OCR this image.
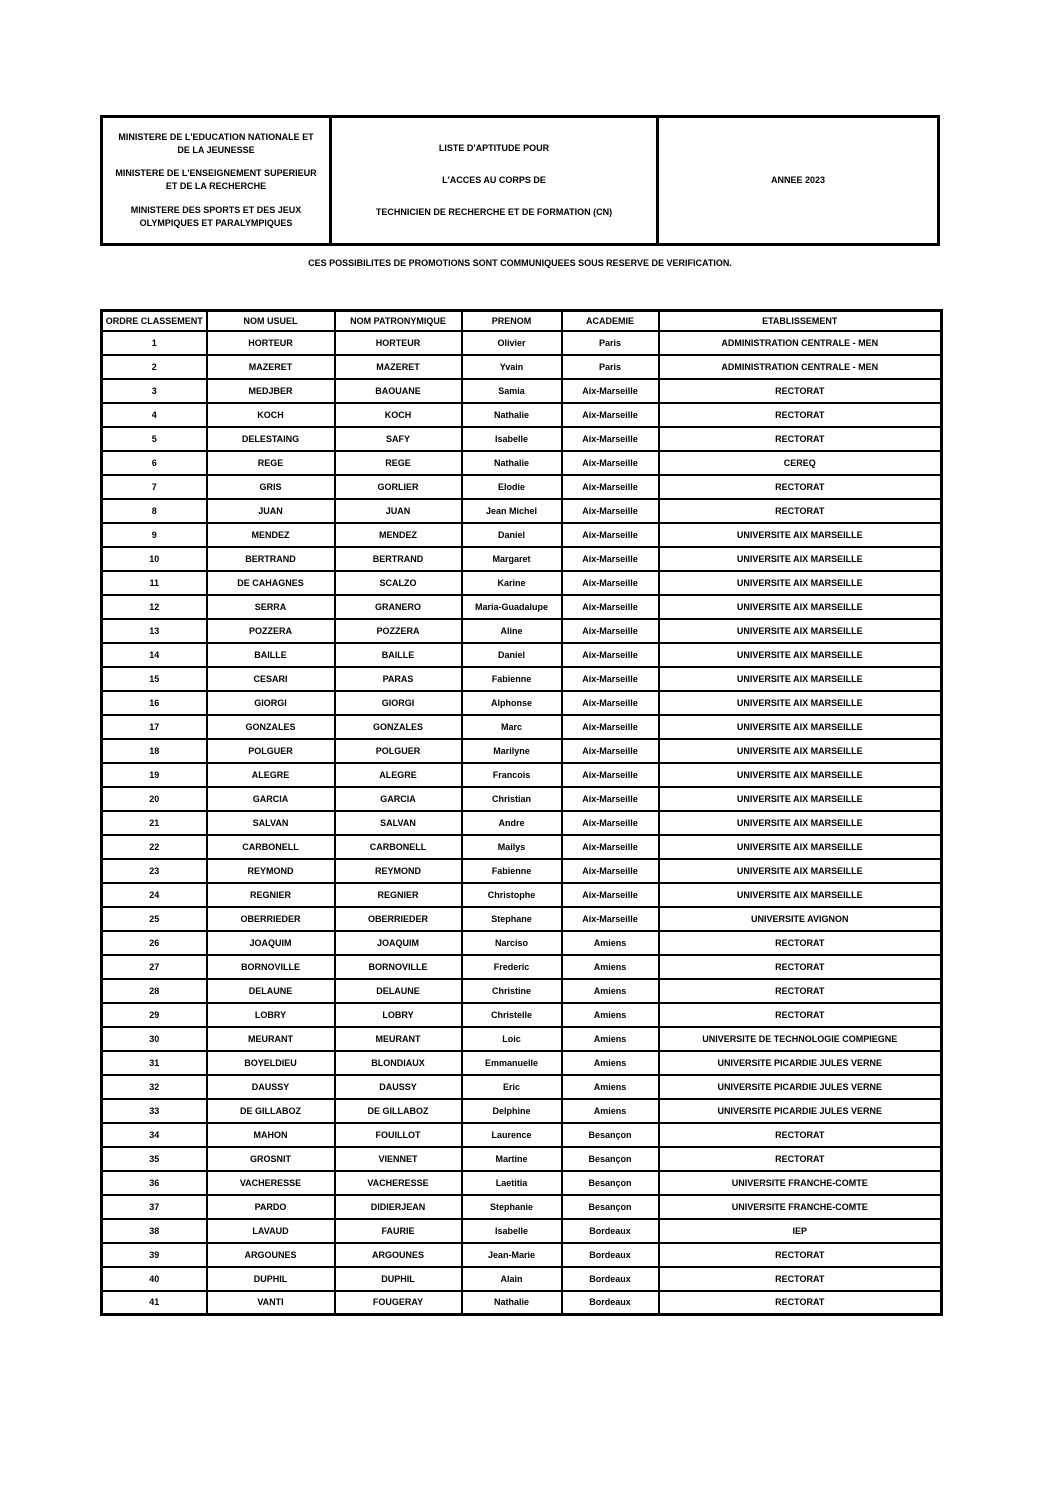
MINISTERE DE L'EDUCATION NATIONALE ET DE LA JEUNESSE
MINISTERE DE L'ENSEIGNEMENT SUPERIEUR ET DE LA RECHERCHE
MINISTERE DES SPORTS ET DES JEUX OLYMPIQUES ET PARALYMPIQUES
LISTE D'APTITUDE POUR
L'ACCES AU CORPS DE
TECHNICIEN DE RECHERCHE ET DE FORMATION (CN)
ANNEE 2023
CES POSSIBILITES DE PROMOTIONS SONT COMMUNIQUEES SOUS RESERVE DE VERIFICATION.
ORDRE CLASSEMENT	NOM USUEL	NOM PATRONYMIQUE	PRENOM	ACADEMIE	ETABLISSEMENT
1	HORTEUR	HORTEUR	Olivier	Paris	ADMINISTRATION CENTRALE - MEN
2	MAZERET	MAZERET	Yvain	Paris	ADMINISTRATION CENTRALE - MEN
3	MEDJBER	BAOUANE	Samia	Aix-Marseille	RECTORAT
4	KOCH	KOCH	Nathalie	Aix-Marseille	RECTORAT
5	DELESTAING	SAFY	Isabelle	Aix-Marseille	RECTORAT
6	REGE	REGE	Nathalie	Aix-Marseille	CEREQ
7	GRIS	GORLIER	Elodie	Aix-Marseille	RECTORAT
8	JUAN	JUAN	Jean Michel	Aix-Marseille	RECTORAT
9	MENDEZ	MENDEZ	Daniel	Aix-Marseille	UNIVERSITE AIX MARSEILLE
10	BERTRAND	BERTRAND	Margaret	Aix-Marseille	UNIVERSITE AIX MARSEILLE
11	DE CAHAGNES	SCALZO	Karine	Aix-Marseille	UNIVERSITE AIX MARSEILLE
12	SERRA	GRANERO	Maria-Guadalupe	Aix-Marseille	UNIVERSITE AIX MARSEILLE
13	POZZERA	POZZERA	Aline	Aix-Marseille	UNIVERSITE AIX MARSEILLE
14	BAILLE	BAILLE	Daniel	Aix-Marseille	UNIVERSITE AIX MARSEILLE
15	CESARI	PARAS	Fabienne	Aix-Marseille	UNIVERSITE AIX MARSEILLE
16	GIORGI	GIORGI	Alphonse	Aix-Marseille	UNIVERSITE AIX MARSEILLE
17	GONZALES	GONZALES	Marc	Aix-Marseille	UNIVERSITE AIX MARSEILLE
18	POLGUER	POLGUER	Marilyne	Aix-Marseille	UNIVERSITE AIX MARSEILLE
19	ALEGRE	ALEGRE	Francois	Aix-Marseille	UNIVERSITE AIX MARSEILLE
20	GARCIA	GARCIA	Christian	Aix-Marseille	UNIVERSITE AIX MARSEILLE
21	SALVAN	SALVAN	Andre	Aix-Marseille	UNIVERSITE AIX MARSEILLE
22	CARBONELL	CARBONELL	Mailys	Aix-Marseille	UNIVERSITE AIX MARSEILLE
23	REYMOND	REYMOND	Fabienne	Aix-Marseille	UNIVERSITE AIX MARSEILLE
24	REGNIER	REGNIER	Christophe	Aix-Marseille	UNIVERSITE AIX MARSEILLE
25	OBERRIEDER	OBERRIEDER	Stephane	Aix-Marseille	UNIVERSITE AVIGNON
26	JOAQUIM	JOAQUIM	Narciso	Amiens	RECTORAT
27	BORNOVILLE	BORNOVILLE	Frederic	Amiens	RECTORAT
28	DELAUNE	DELAUNE	Christine	Amiens	RECTORAT
29	LOBRY	LOBRY	Christelle	Amiens	RECTORAT
30	MEURANT	MEURANT	Loic	Amiens	UNIVERSITE DE TECHNOLOGIE COMPIEGNE
31	BOYELDIEU	BLONDIAUX	Emmanuelle	Amiens	UNIVERSITE PICARDIE JULES VERNE
32	DAUSSY	DAUSSY	Eric	Amiens	UNIVERSITE PICARDIE JULES VERNE
33	DE GILLABOZ	DE GILLABOZ	Delphine	Amiens	UNIVERSITE PICARDIE JULES VERNE
34	MAHON	FOUILLOT	Laurence	Besançon	RECTORAT
35	GROSNIT	VIENNET	Martine	Besançon	RECTORAT
36	VACHERESSE	VACHERESSE	Laetitia	Besançon	UNIVERSITE FRANCHE-COMTE
37	PARDO	DIDIERJEAN	Stephanie	Besançon	UNIVERSITE FRANCHE-COMTE
38	LAVAUD	FAURIE	Isabelle	Bordeaux	IEP
39	ARGOUNES	ARGOUNES	Jean-Marie	Bordeaux	RECTORAT
40	DUPHIL	DUPHIL	Alain	Bordeaux	RECTORAT
41	VANTI	FOUGERAY	Nathalie	Bordeaux	RECTORAT
